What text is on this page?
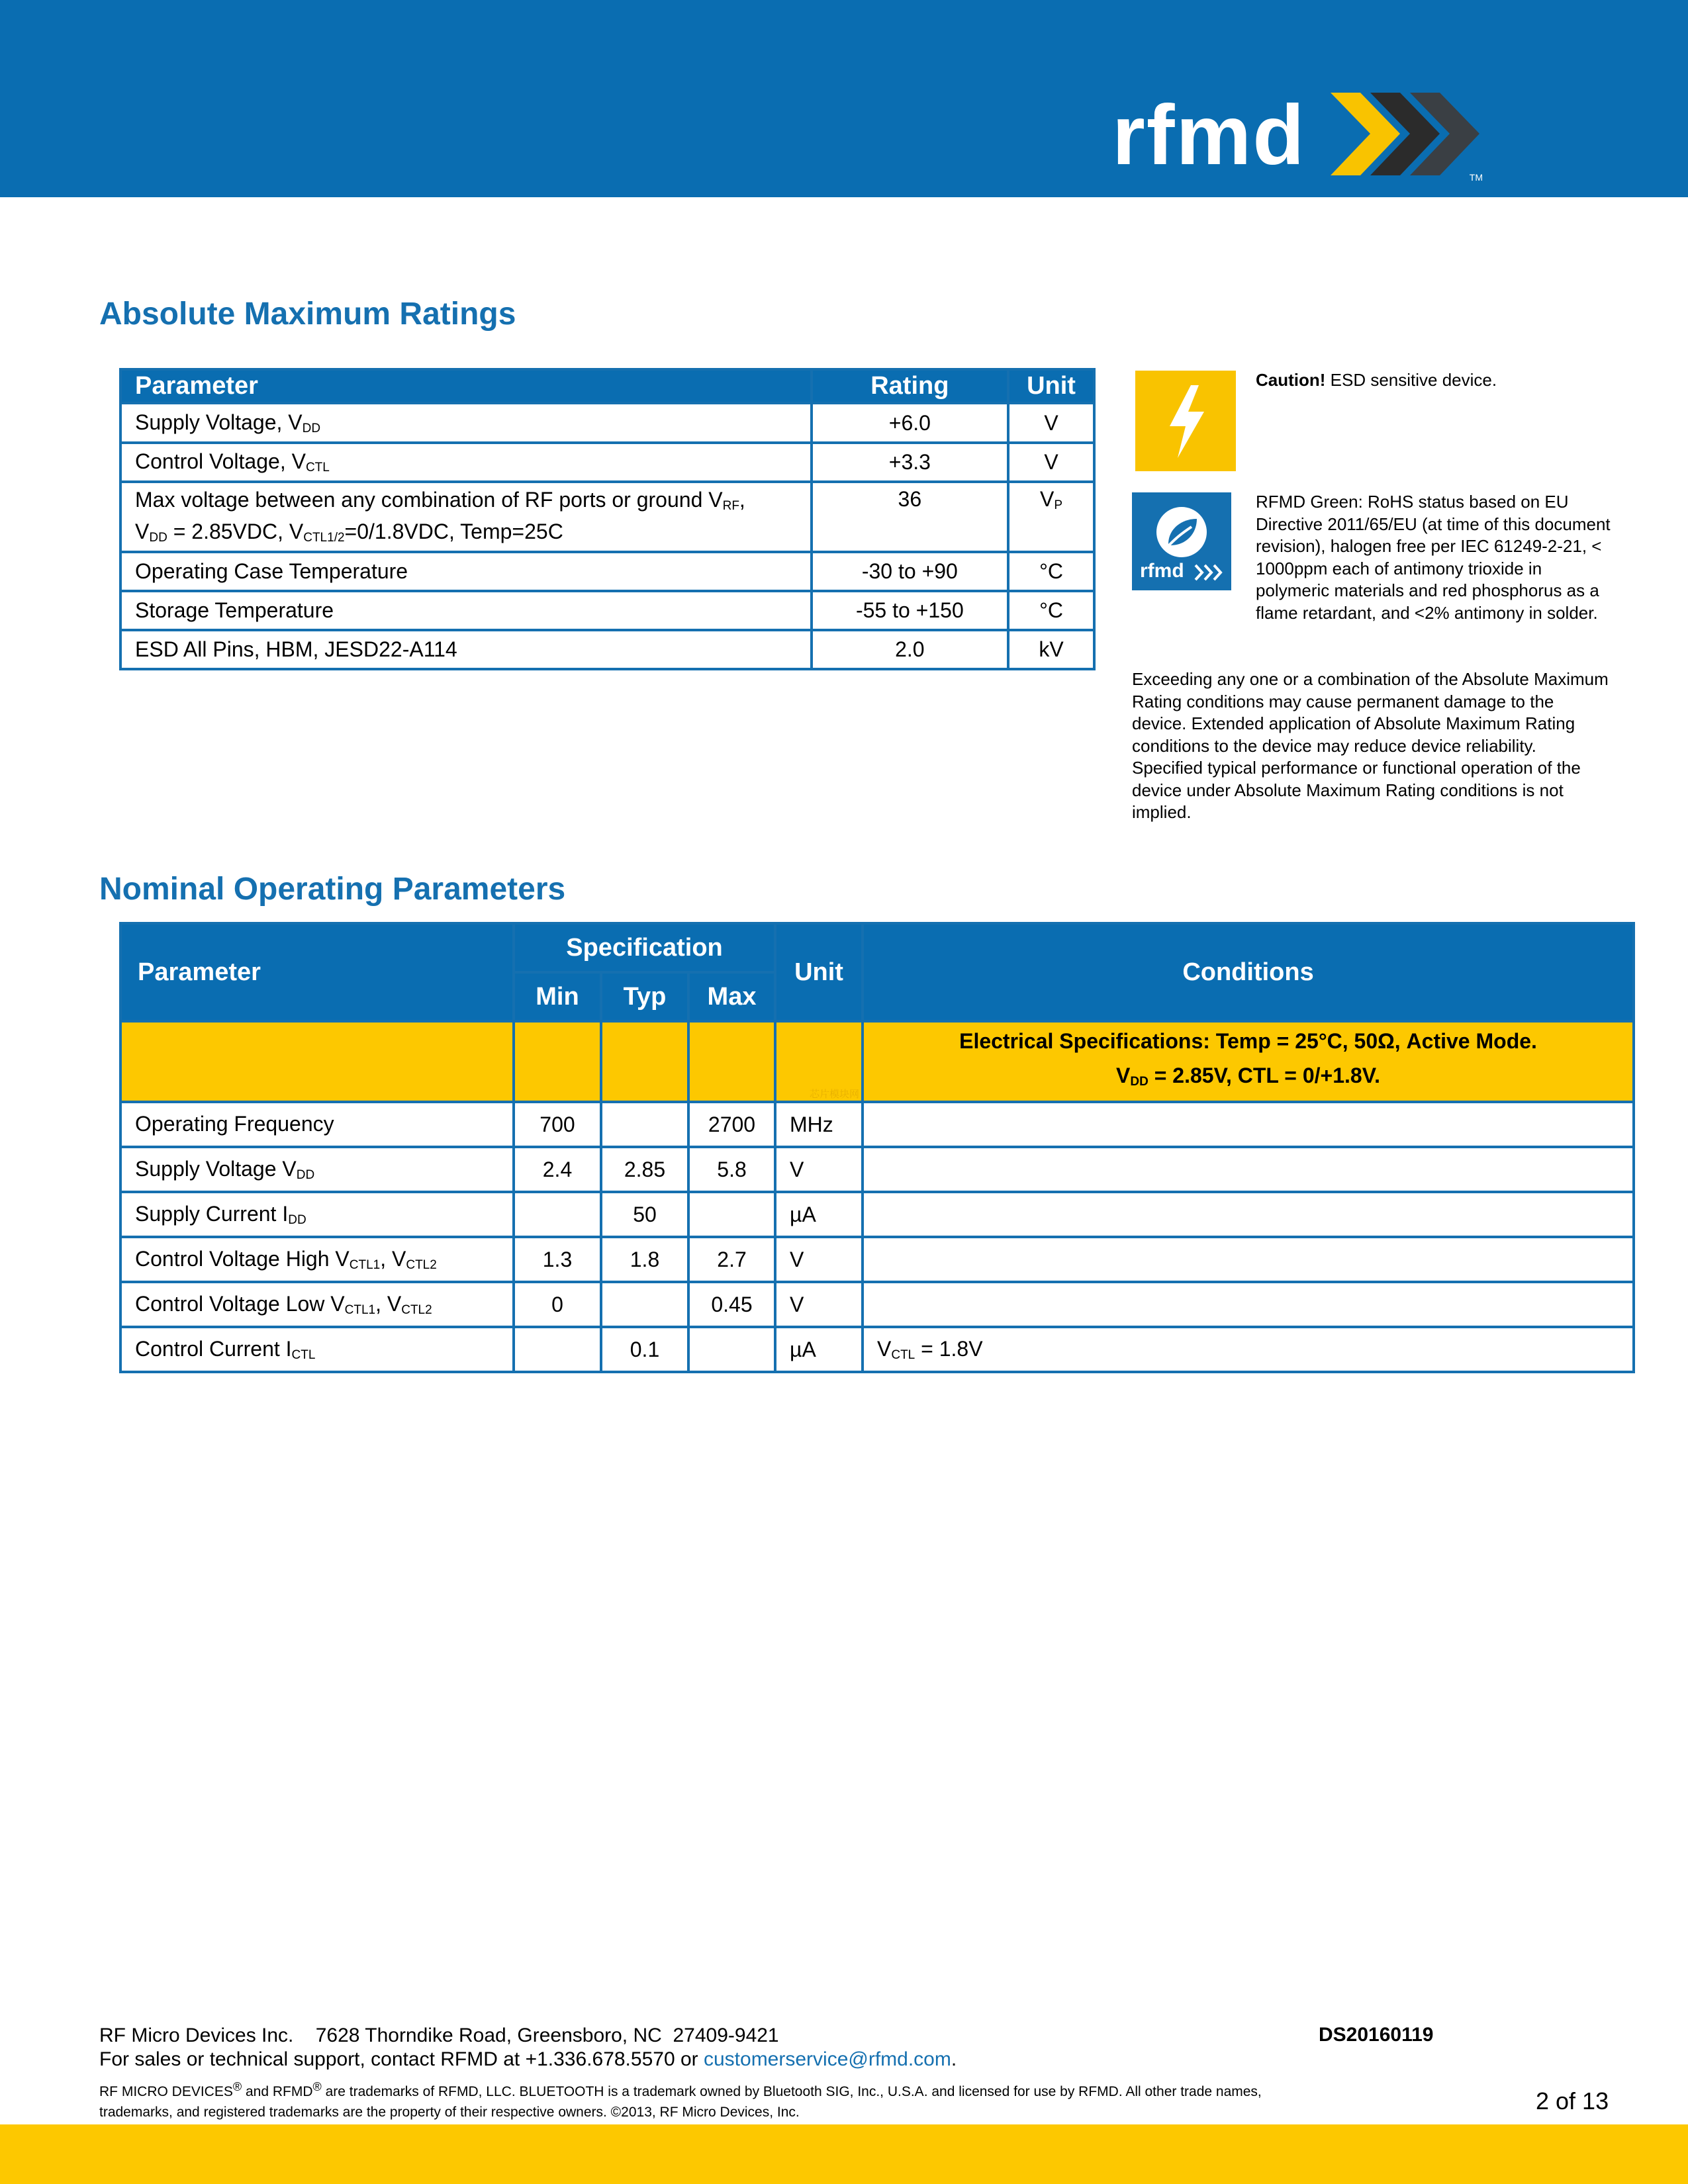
rfmd	TM
Absolute Maximum Ratings
Parameter	Rating	Unit
Supply Voltage, $V_{DD}$	+6.0	V
Control Voltage, $V_{CTL}$	+3.3	V
Max voltage between any combination of RF ports or ground $V_{RF}$,
$V_{DD} = 2.85VDC$, $V_{CTL1/2}=0/1.8VDC$, Temp=25C	36	$V_P$
Operating Case Temperature	-30 to +90	°C
Storage Temperature	-55 to +150	°C
ESD All Pins, HBM, JESD22-A114	2.0	kV
Caution! ESD sensitive device.
rfmd
RFMD Green: RoHS status based on EU Directive 2011/65/EU (at time of this document revision), halogen free per IEC 61249-2-21, < 1000ppm each of antimony trioxide in polymeric materials and red phosphorus as a flame retardant, and <2% antimony in solder.
Exceeding any one or a combination of the Absolute Maximum Rating conditions may cause permanent damage to the device. Extended application of Absolute Maximum Rating conditions to the device may reduce device reliability. Specified typical performance or functional operation of the device under Absolute Maximum Rating conditions is not implied.
Nominal Operating Parameters
Parameter	Specification			Unit	Conditions
	Min	Typ	Max		

				芯片模块网	Electrical Specifications: Temp = 25°C, 50Ω, Active Mode.
$V_{DD} = 2.85V$, CTL = 0/+1.8V.
Operating Frequency	700		2700	MHz	
Supply Voltage $V_{DD}$	2.4	2.85	5.8	V	
Supply Current $I_{DD}$		50		µA	
Control Voltage High $V_{CTL1}$, $V_{CTL2}$	1.3	1.8	2.7	V	
Control Voltage Low $V_{CTL1}$, $V_{CTL2}$	0		0.45	V	
Control Current $I_{CTL}$		0.1		µA	$V_{CTL} = 1.8V$
RF Micro Devices Inc.    7628 Thorndike Road, Greensboro, NC  27409-9421
For sales or technical support, contact RFMD at +1.336.678.5570 or customerservice@rfmd.com.
DS20160119
RF MICRO DEVICES® and RFMD® are trademarks of RFMD, LLC. BLUETOOTH is a trademark owned by Bluetooth SIG, Inc., U.S.A. and licensed for use by RFMD. All other trade names,
trademarks, and registered trademarks are the property of their respective owners. ©2013, RF Micro Devices, Inc.	2 of 13
